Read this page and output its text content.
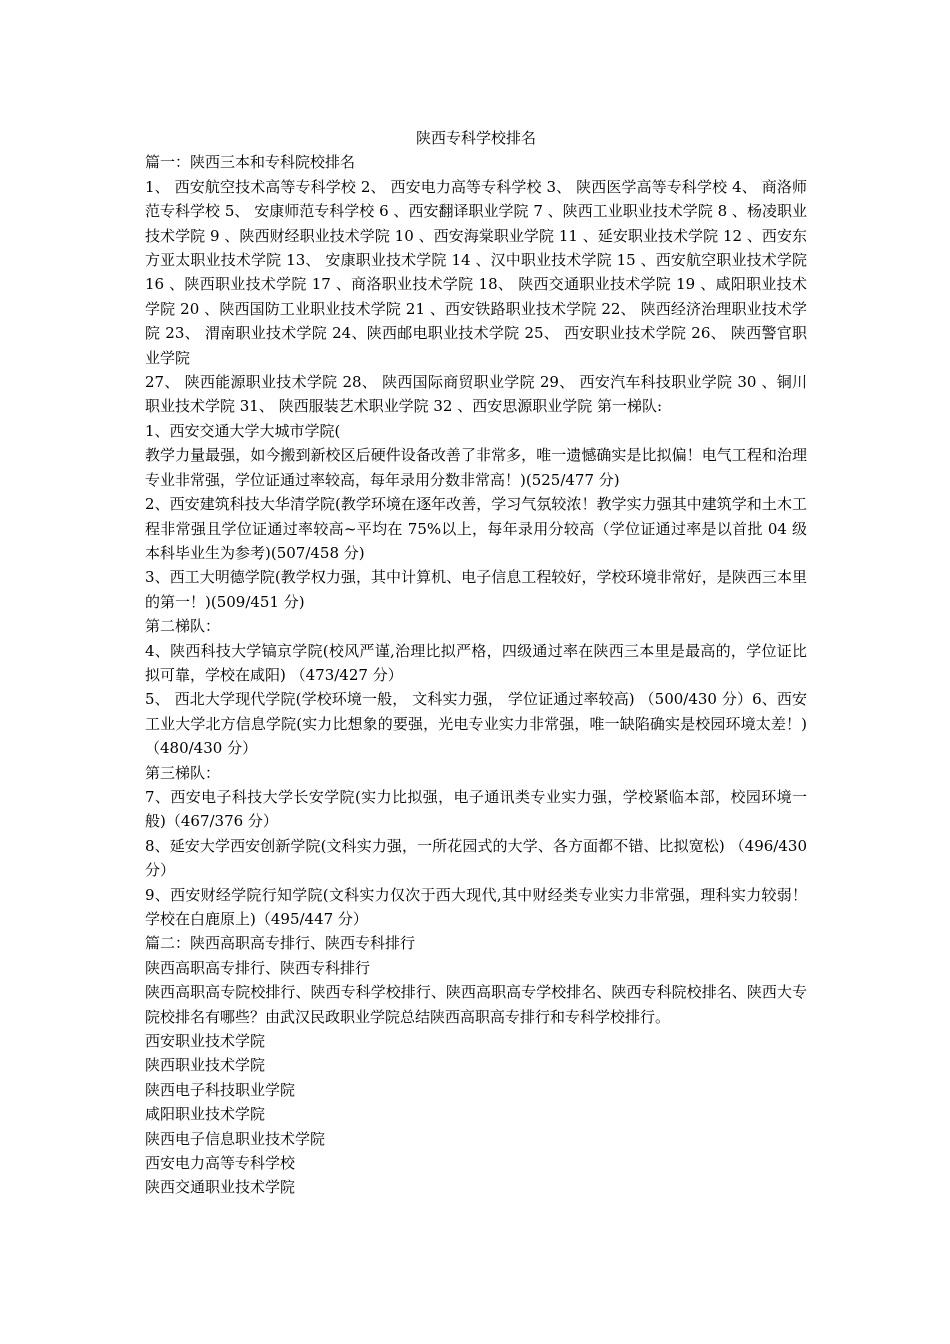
陕西专科学校排名

篇一：陕西三本和专科院校排名

1、 西安航空技术高等专科学校 2、 西安电力高等专科学校 3、 陕西医学高等专科学校 4、 商洛师范专科学校 5、 安康师范专科学校 6 、西安翻译职业学院 7 、陕西工业职业技术学院 8 、杨凌职业技术学院 9 、陕西财经职业技术学院 10 、西安海棠职业学院 11 、延安职业技术学院 12 、西安东方亚太职业技术学院 13、 安康职业技术学院 14 、汉中职业技术学院 15 、西安航空职业技术学院 16 、陕西职业技术学院 17 、商洛职业技术学院 18、 陕西交通职业技术学院 19 、咸阳职业技术学院 20 、陕西国防工业职业技术学院 21 、西安铁路职业技术学院 22、 陕西经济治理职业技术学院 23、 渭南职业技术学院 24、陕西邮电职业技术学院 25、 西安职业技术学院 26、 陕西警官职业学院

27、 陕西能源职业技术学院 28、 陕西国际商贸职业学院 29、 西安汽车科技职业学院 30 、铜川职业技术学院 31、 陕西服装艺术职业学院 32 、西安思源职业学院 第一梯队:

1、西安交通大学大城市学院(

教学力量最强，如今搬到新校区后硬件设备改善了非常多，唯一遗憾确实是比拟偏！电气工程和治理专业非常强，学位证通过率较高，每年录用分数非常高！)(525/477 分)

2、西安建筑科技大华清学院(教学环境在逐年改善，学习气氛较浓！教学实力强其中建筑学和土木工程非常强且学位证通过率较高~平均在 75%以上，每年录用分较高（学位证通过率是以首批 04 级本科毕业生为参考)(507/458 分)

3、西工大明德学院(教学权力强，其中计算机、电子信息工程较好，学校环境非常好，是陕西三本里的第一！)(509/451 分)

第二梯队：

4、陕西科技大学镐京学院(校风严谨,治理比拟严格，四级通过率在陕西三本里是最高的，学位证比拟可靠，学校在咸阳) （473/427 分）

5、 西北大学现代学院(学校环境一般， 文科实力强， 学位证通过率较高) （500/430 分）6、西安工业大学北方信息学院(实力比想象的要强，光电专业实力非常强，唯一缺陷确实是校园环境太差！)（480/430 分）

第三梯队：

7、西安电子科技大学长安学院(实力比拟强，电子通讯类专业实力强，学校紧临本部，校园环境一般)（467/376 分）

8、延安大学西安创新学院(文科实力强，一所花园式的大学、各方面都不错、比拟宽松) （496/430 分）

9、西安财经学院行知学院(文科实力仅次于西大现代,其中财经类专业实力非常强，理科实力较弱！学校在白鹿原上)（495/447 分）

篇二：陕西高职高专排行、陕西专科排行

陕西高职高专排行、陕西专科排行

陕西高职高专院校排行、陕西专科学校排行、陕西高职高专学校排名、陕西专科院校排名、陕西大专院校排名有哪些？由武汉民政职业学院总结陕西高职高专排行和专科学校排行。

西安职业技术学院

陕西职业技术学院

陕西电子科技职业学院

咸阳职业技术学院

陕西电子信息职业技术学院

西安电力高等专科学校

陕西交通职业技术学院
